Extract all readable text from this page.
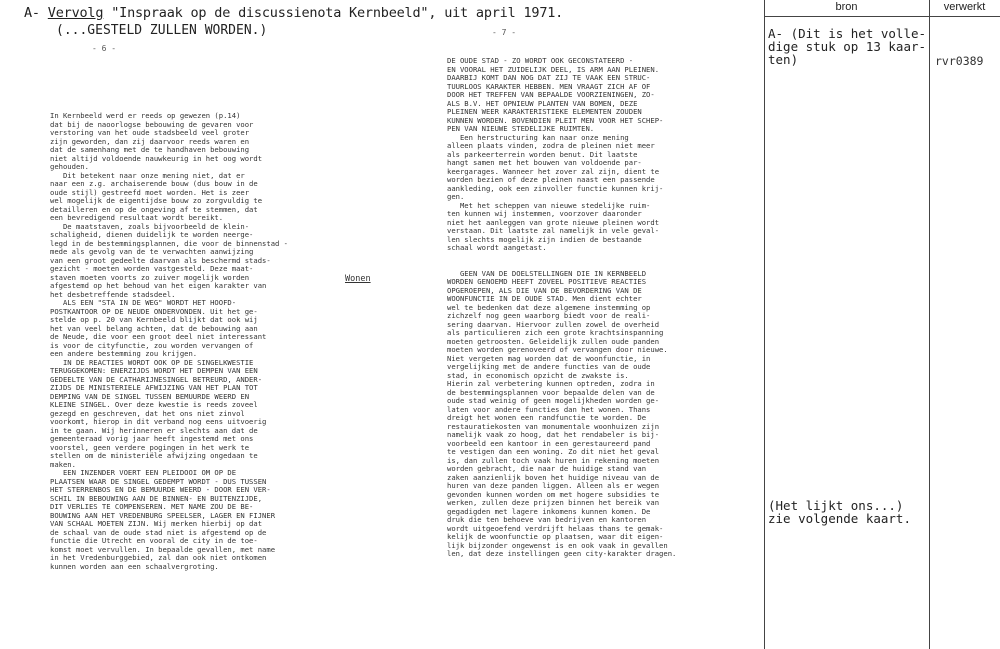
A- Vervolg "Inspraak op de discussienota Kernbeeld", uit april 1971.
(...GESTELD ZULLEN WORDEN.)
- 6 -
In Kernbeeld werd er reeds op gewezen (p.14)
dat bij de naoorlogse bebouwing de gevaren voor
verstoring van het oude stadsbeeld veel groter
zijn geworden, dan zij daarvoor reeds waren en
dat de samenhang met de te handhaven bebouwing
niet altijd voldoende nauwkeurig in het oog wordt
gehouden.
Dit betekent naar onze mening niet, dat er
naar een z.g. archaiserende bouw (dus bouw in de
oude stijl) gestreefd moet worden. Het is zeer
wel mogelijk de eigentijdse bouw zo zorgvuldig te
detailleren en op de ongeving af te stemmen, dat
een bevredigend resultaat wordt bereikt.
De maatstaven, zoals bijvoorbeeld de klein-
schaligheid, dienen duidelijk te worden neerge-
legd in de bestemmingsplannen, die voor de binnenstad -
mede als gevolg van de te verwachten aanwijzing
van een groot gedeelte daarvan als beschermd stads-
gezicht - moeten worden vastgesteld. Deze maat-
staven moeten voorts zo zuiver mogelijk worden
afgestemd op het behoud van het eigen karakter van
het desbetreffende stadsdeel.
ALS EEN "STA IN DE WEG" WORDT HET HOOFD-
POSTKANTOOR OP DE NEUDE ONDERVONDEN. Uit het ge-
stelde op p. 20 van Kernbeeld blijkt dat ook wij
het van veel belang achten, dat de bebouwing aan
de Neude, die voor een groot deel niet interessant
is voor de cityfunctie, zou worden vervangen of
een andere bestemming zou krijgen.
IN DE REACTIES WORDT OOK OP DE SINGELKWESTIE
TERUGGEKOMEN: ENERZIJDS WORDT HET DEMPEN VAN EEN
GEDEELTE VAN DE CATHARIJNESINGEL BETREURD, ANDER-
ZIJDS DE MINISTERIELE AFWIJZING VAN HET PLAN TOT
DEMPING VAN DE SINGEL TUSSEN BEMUURDE WEERD EN
KLEINE SINGEL. Over deze kwestie is reeds zoveel
gezegd en geschreven, dat het ons niet zinvol
voorkomt, hierop in dit verband nog eens uitvoerig
in te gaan. Wij herinneren er slechts aan dat de
gemeenteraad vorig jaar heeft ingestemd met ons
voorstel, geen verdere pogingen in het werk te
stellen om de ministeriële afwijzing ongedaan te
maken.
EEN INZENDER VOERT EEN PLEIDOOI OM OP DE
PLAATSEN WAAR DE SINGEL GEDEMPT WORDT - DUS TUSSEN
HET STERRENBOS EN DE BEMUURDE WEERD - DOOR EEN VER-
SCHIL IN BEBOUWING AAN DE BINNEN- EN BUITENZIJDE,
DIT VERLIES TE COMPENSEREN. MET NAME ZOU DE BE-
BOUWING AAN HET VREDENBURG SPEELSER, LAGER EN FIJNER
VAN SCHAAL MOETEN ZIJN. Wij merken hierbij op dat
de schaal van de oude stad niet is afgestemd op de
functie die Utrecht en vooral de city in de toe-
komst moet vervullen. In bepaalde gevallen, met name
in het Vredenburggebied, zal dan ook niet ontkomen
kunnen worden aan een schaalvergroting.
Wonen
- 7 -
DE OUDE STAD - ZO WORDT OOK GECONSTATEERD -
EN VOORAL HET ZUIDELIJK DEEL, IS ARM AAN PLEINEN.
DAARBIJ KOMT DAN NOG DAT ZIJ TE VAAK EEN STRUC-
TUURLOOS KARAKTER HEBBEN. MEN VRAAGT ZICH AF OF
DOOR HET TREFFEN VAN BEPAALDE VOORZIENINGEN, ZO-
ALS B.V. HET OPNIEUW PLANTEN VAN BOMEN, DEZE
PLEINEN WEER KARAKTERISTIEKE ELEMENTEN ZOUDEN
KUNNEN WORDEN. BOVENDIEN PLEIT MEN VOOR HET SCHEP-
PEN VAN NIEUWE STEDELIJKE RUIMTEN.
Een herstructuring kan naar onze mening
alleen plaats vinden, zodra de pleinen niet meer
als parkeerterrein worden benut. Dit laatste
hangt samen met het bouwen van voldoende par-
keergarages. Wanneer het zover zal zijn, dient te
worden bezien of deze pleinen naast een passende
aankleding, ook een zinvoller functie kunnen krij-
gen.
Met het scheppen van nieuwe stedelijke ruim-
ten kunnen wij instemmen, voorzover daaronder
niet het aanleggen van grote nieuwe pleinen wordt
verstaan. Dit laatste zal namelijk in vele geval-
len slechts mogelijk zijn indien de bestaande
schaal wordt aangetast.

GEEN VAN DE DOELSTELLINGEN DIE IN KERNBEELD
WORDEN GENOEMD HEEFT ZOVEEL POSITIEVE REACTIES
OPGEROEPEN, ALS DIE VAN DE BEVORDERING VAN DE
WOONFUNCTIE IN DE OUDE STAD. Men dient echter
wel te bedenken dat deze algemene instemming op
zichzelf nog geen waarborg biedt voor de reali-
sering daarvan. Hiervoor zullen zowel de overheid
als particulieren zich een grote krachtsinspanning
moeten getroosten. Geleidelijk zullen oude panden
moeten worden gerenoveerd of vervangen door nieuwe.
Niet vergeten mag worden dat de woonfunctie, in
vergelijking met de andere functies van de oude
stad, in economisch opzicht de zwakste is.
Hierin zal verbetering kunnen optreden, zodra in
de bestemmingsplannen voor bepaalde delen van de
oude stad weinig of geen mogelijkheden worden ge-
laten voor andere functies dan het wonen. Thans
dreigt het wonen een randfunctie te worden. De
restauratiekosten van monumentale woonhuizen zijn
namelijk vaak zo hoog, dat het rendabeler is bij-
voorbeeld een kantoor in een gerestaureerd pand
te vestigen dan een woning. Zo dit niet het geval
is, dan zullen toch vaak huren in rekening moeten
worden gebracht, die naar de huidige stand van
zaken aanzienlijk boven het huidige niveau van de
huren van deze panden liggen. Alleen als er wegen
gevonden kunnen worden om met hogere subsidies te
werken, zullen deze prijzen binnen het bereik van
gegadigden met lagere inkomens kunnen komen. De
druk die ten behoeve van bedrijven en kantoren
wordt uitgeoefend verdrijft helaas thans te gemak-
kelijk de woonfunctie op plaatsen, waar dit eigen-
lijk bijzonder ongewenst is en ook vaak in gevallen
len, dat deze instellingen geen city-karakter dragen.
bron	verwerkt
A- (Dit is het volle-
dige stuk op 13 kaar-
ten)	rvr0389
(Het lijkt ons...)
zie volgende kaart.
